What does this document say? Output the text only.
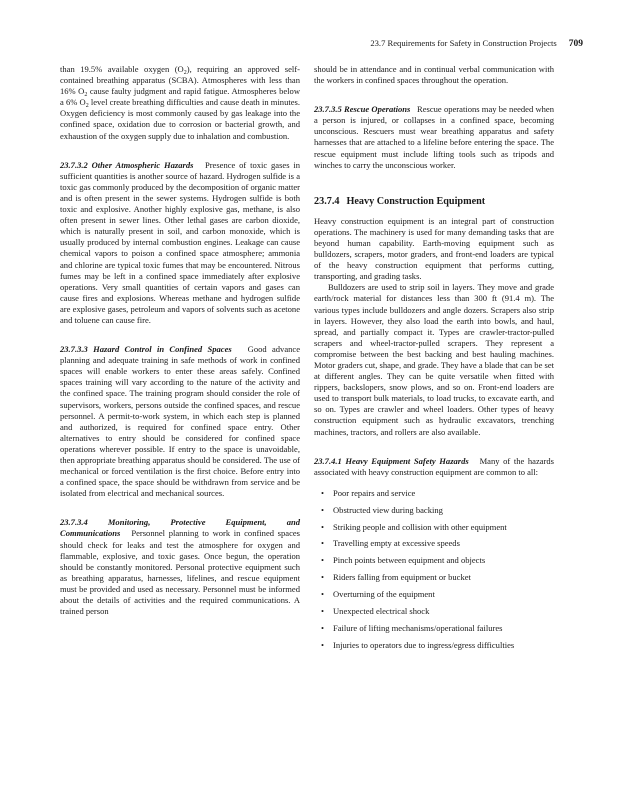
23.7 Requirements for Safety in Construction Projects 709

than 19.5% available oxygen $(O_2)$, requiring an approved self-contained breathing apparatus (SCBA). Atmospheres with less than 16% $O_2$ cause faulty judgment and rapid fatigue. Atmospheres below a 6% $O_2$ level create breathing difficulties and cause death in minutes. Oxygen deficiency is most commonly caused by gas leakage into the confined space, oxidation due to corrosion or bacterial growth, and exhaustion of the oxygen supply due to inhalation and combustion.

23.7.3.2 Other Atmospheric Hazards Presence of toxic gases in sufficient quantities is another source of hazard. Hydrogen sulfide is a toxic gas commonly produced by the decomposition of organic matter and is often present in the sewer systems. Hydrogen sulfide is both toxic and explosive. Another highly explosive gas, methane, is also often present in sewer lines. Other lethal gases are carbon dioxide, which is naturally present in soil, and carbon monoxide, which is usually produced by internal combustion engines. Leakage can cause chemical vapors to poison a confined space atmosphere; ammonia and chlorine are typical toxic fumes that may be encountered. Nitrous fumes may be left in a confined space immediately after explosive operations. Very small quantities of certain vapors and gases can cause fires and explosions. Whereas methane and hydrogen sulfide are explosive gases, petroleum and vapors of solvents such as acetone and toluene can cause fire.

23.7.3.3 Hazard Control in Confined Spaces Good advance planning and adequate training in safe methods of work in confined spaces will enable workers to enter these areas safely. Confined spaces training will vary according to the nature of the activity and the confined space. The training program should consider the role of supervisors, workers, persons outside the confined spaces, and rescue personnel. A permit-to-work system, in which each step is planned and authorized, is required for confined space entry. Other alternatives to entry should be considered for confined space operations wherever possible. If entry to the space is unavoidable, then appropriate breathing apparatus should be considered. The use of mechanical or forced ventilation is the first choice. Before entry into a confined space, the space should be withdrawn from service and be isolated from electrical and mechanical sources.

23.7.3.4 Monitoring, Protective Equipment, and Communications Personnel planning to work in confined spaces should check for leaks and test the atmosphere for oxygen and flammable, explosive, and toxic gases. Once begun, the operation should be constantly monitored. Personal protective equipment such as breathing apparatus, harnesses, lifelines, and rescue equipment must be provided and used as necessary. Personnel must be informed about the details of activities and the required communications. A trained person

should be in attendance and in continual verbal communication with the workers in confined spaces throughout the operation.

23.7.3.5 Rescue Operations Rescue operations may be needed when a person is injured, or collapses in a confined space, becoming unconscious. Rescuers must wear breathing apparatus and safety harnesses that are attached to a lifeline before entering the space. The rescue equipment must include lifting tools such as tripods and winches to carry the unconscious worker.

23.7.4 Heavy Construction Equipment

Heavy construction equipment is an integral part of construction operations. The machinery is used for many demanding tasks that are beyond human capability. Earth-moving equipment such as bulldozers, scrapers, motor graders, and front-end loaders are typical of the heavy construction equipment that performs cutting, transporting, and grading tasks.

Bulldozers are used to strip soil in layers. They move and grade earth/rock material for distances less than 300 ft (91.4 m). The various types include bulldozers and angle dozers. Scrapers also strip in layers. However, they also load the earth into bowls, and haul, spread, and partially compact it. Types are crawler-tractor-pulled scrapers and wheel-tractor-pulled scrapers. They represent a compromise between the best backing and best hauling machines. Motor graders cut, shape, and grade. They have a blade that can be set at different angles. They can be quite versatile when fitted with rippers, backslopers, snow plows, and so on. Front-end loaders are used to transport bulk materials, to load trucks, to excavate earth, and so on. Types are crawler and wheel loaders. Other types of heavy construction equipment such as hydraulic excavators, trenching machines, tractors, and rollers are also available.

23.7.4.1 Heavy Equipment Safety Hazards Many of the hazards associated with heavy construction equipment are common to all:

• Poor repairs and service
• Obstructed view during backing
• Striking people and collision with other equipment
• Travelling empty at excessive speeds
• Pinch points between equipment and objects
• Riders falling from equipment or bucket
• Overturning of the equipment
• Unexpected electrical shock
• Failure of lifting mechanisms/operational failures
• Injuries to operators due to ingress/egress difficulties
